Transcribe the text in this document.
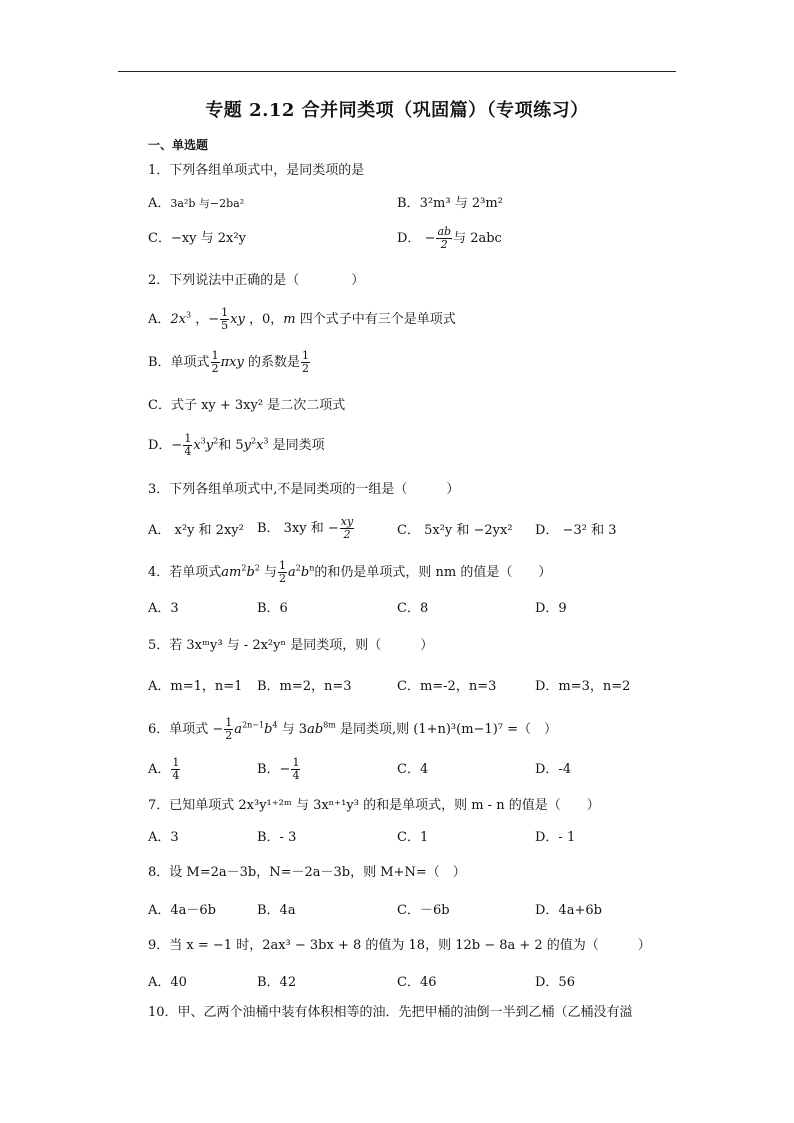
专题 2.12 合并同类项（巩固篇）（专项练习）
一、单选题
1．下列各组单项式中，是同类项的是
A．3a²b 与−2ba²	B．3²m³ 与 2³m²
C．−xy 与 2x²y	D． − $\frac{ab}{2}$ 与 2abc
2．下列说法中正确的是（　　　　）
A．$2x^3$ ，− $\frac{1}{5}$ xy ，0，m 四个式子中有三个是单项式
B．单项式 $\frac{1}{2}$ πxy 的系数是 $\frac{1}{2}$
C．式子 xy + 3xy² 是二次二项式
D．− $\frac{1}{4} x^3y^2$和 $5y^2x^3$ 是同类项
3．下列各组单项式中,不是同类项的一组是（　　　）
A． x²y 和 2xy² B． 3xy 和 − $\frac{xy}{2}$	C． 5x²y 和 −2yx² D． −3² 和 3
4．若单项式$am^2b^2$ 与 $\frac{1}{2} a^2b^n$的和仍是单项式，则 nm 的值是（　　）
A．3	B．6	C．8	D．9
5．若 3xᵐy³ 与 - 2x²yⁿ 是同类项，则（　　　）
A．m=1，n=1 B．m=2，n=3	C．m=-2，n=3	D．m=3，n=2
6．单项式 − $\frac{1}{2} a^{2n-1}b^4$ 与 $3ab^{8m}$ 是同类项,则 (1+n)³(m−1)⁷ =（　）
A． $\frac{1}{4}$	B．− $\frac{1}{4}$	C．4	D．-4
7．已知单项式 2x³y¹⁺²ᵐ 与 3xⁿ⁺¹y³ 的和是单项式，则 m - n 的值是（　　）
A．3	B．- 3	C．1	D．- 1
8．设 M=2a－3b，N=－2a－3b，则 M+N=（　）
A．4a－6b	B．4a	C．－6b	D．4a+6b
9．当 x = −1 时，2ax³ − 3bx + 8 的值为 18，则 12b − 8a + 2 的值为（　　　）
A．40	B．42	C．46	D．56
10．甲、乙两个油桶中装有体积相等的油．先把甲桶的油倒一半到乙桶（乙桶没有溢
